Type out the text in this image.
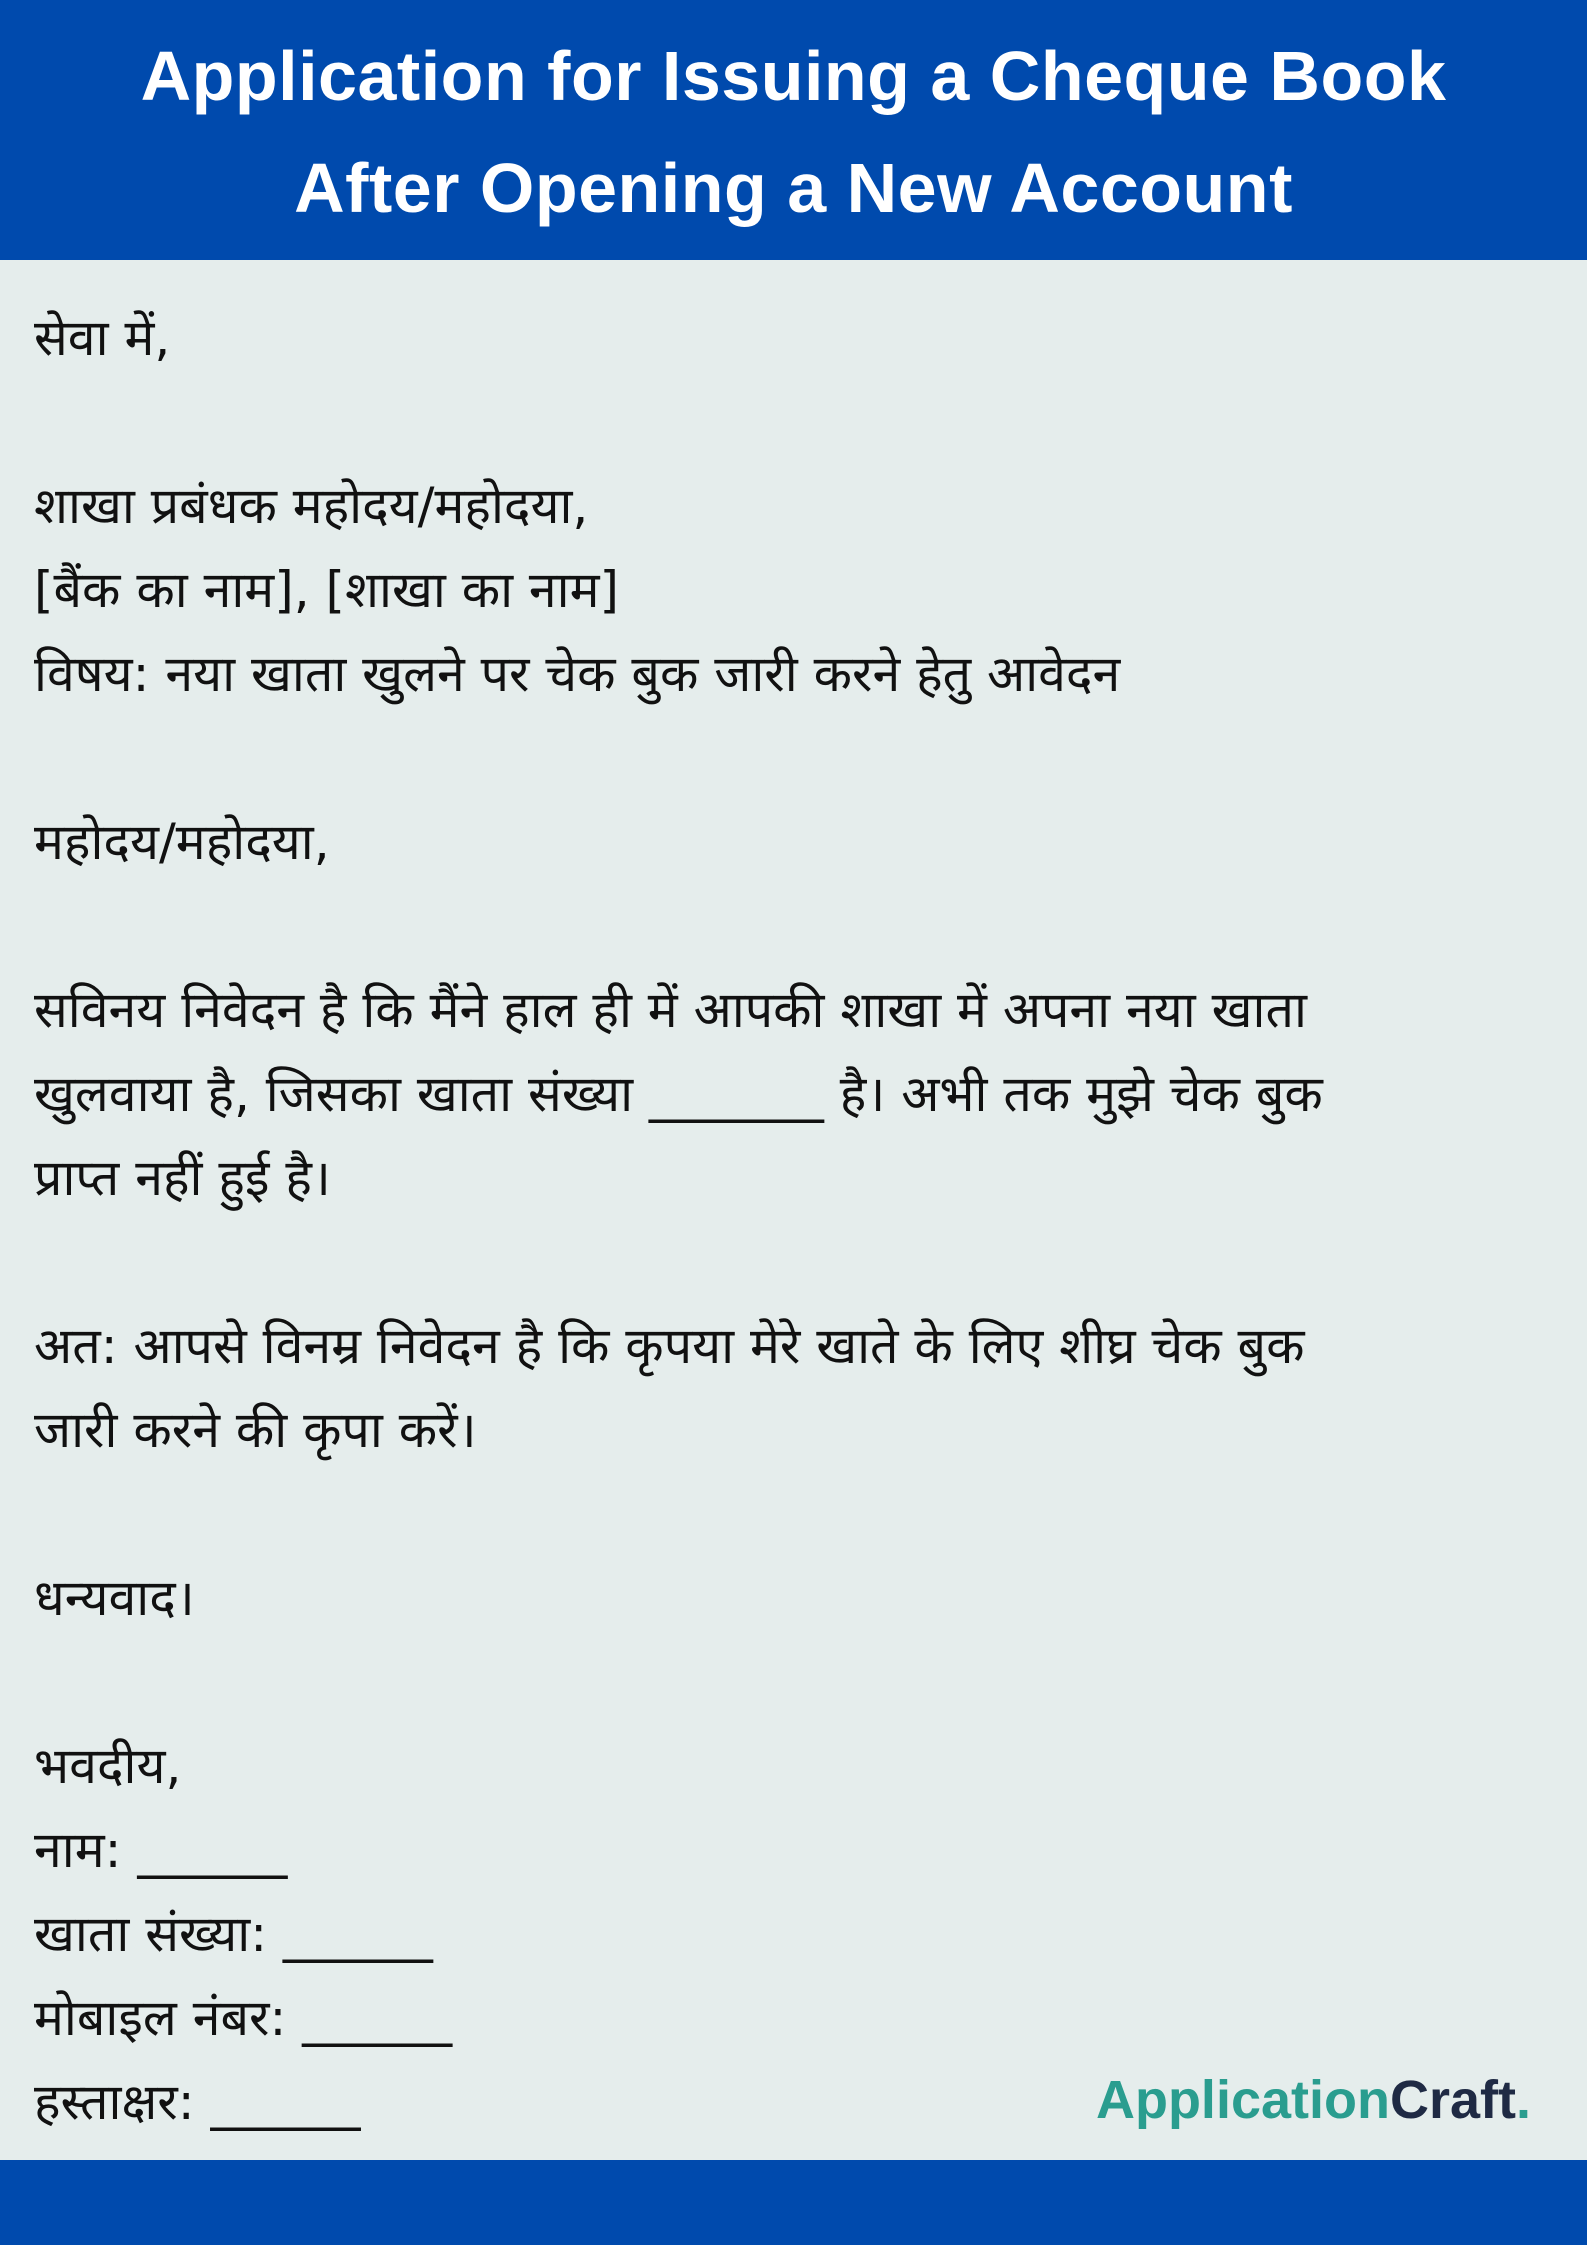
Application for Issuing a Cheque Book
After Opening a New Account
सेवा में,
शाखा प्रबंधक महोदय/महोदया,
[बैंक का नाम], [शाखा का नाम]
विषय: नया खाता खुलने पर चेक बुक जारी करने हेतु आवेदन
महोदय/महोदया,
सविनय निवेदन है कि मैंने हाल ही में आपकी शाखा में अपना नया खाता
खुलवाया है, जिसका खाता संख्या _______ है। अभी तक मुझे चेक बुक
प्राप्त नहीं हुई है।
अत: आपसे विनम्र निवेदन है कि कृपया मेरे खाते के लिए शीघ्र चेक बुक
जारी करने की कृपा करें।
धन्यवाद।
भवदीय,
नाम: ______
खाता संख्या: ______
मोबाइल नंबर: ______
हस्ताक्षर: ______	ApplicationCraft.
